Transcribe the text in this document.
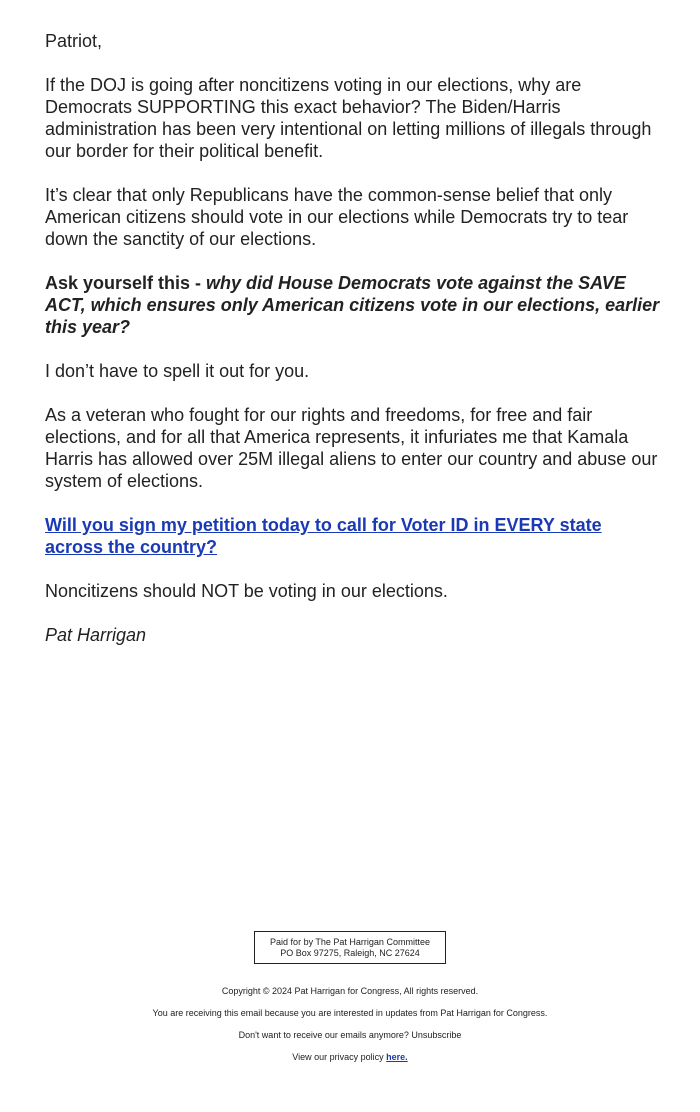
Patriot,

If the DOJ is going after noncitizens voting in our elections, why are Democrats SUPPORTING this exact behavior? The Biden/Harris administration has been very intentional on letting millions of illegals through our border for their political benefit.

It’s clear that only Republicans have the common-sense belief that only American citizens should vote in our elections while Democrats try to tear down the sanctity of our elections.

Ask yourself this - why did House Democrats vote against the SAVE ACT, which ensures only American citizens vote in our elections, earlier this year?

I don’t have to spell it out for you.

As a veteran who fought for our rights and freedoms, for free and fair elections, and for all that America represents, it infuriates me that Kamala Harris has allowed over 25M illegal aliens to enter our country and abuse our system of elections.

Will you sign my petition today to call for Voter ID in EVERY state across the country?

Noncitizens should NOT be voting in our elections.

Pat Harrigan

Paid for by The Pat Harrigan Committee
PO Box 97275, Raleigh, NC 27624

Copyright © 2024 Pat Harrigan for Congress, All rights reserved.

You are receiving this email because you are interested in updates from Pat Harrigan for Congress.

Don't want to receive our emails anymore? Unsubscribe

View our privacy policy here.
